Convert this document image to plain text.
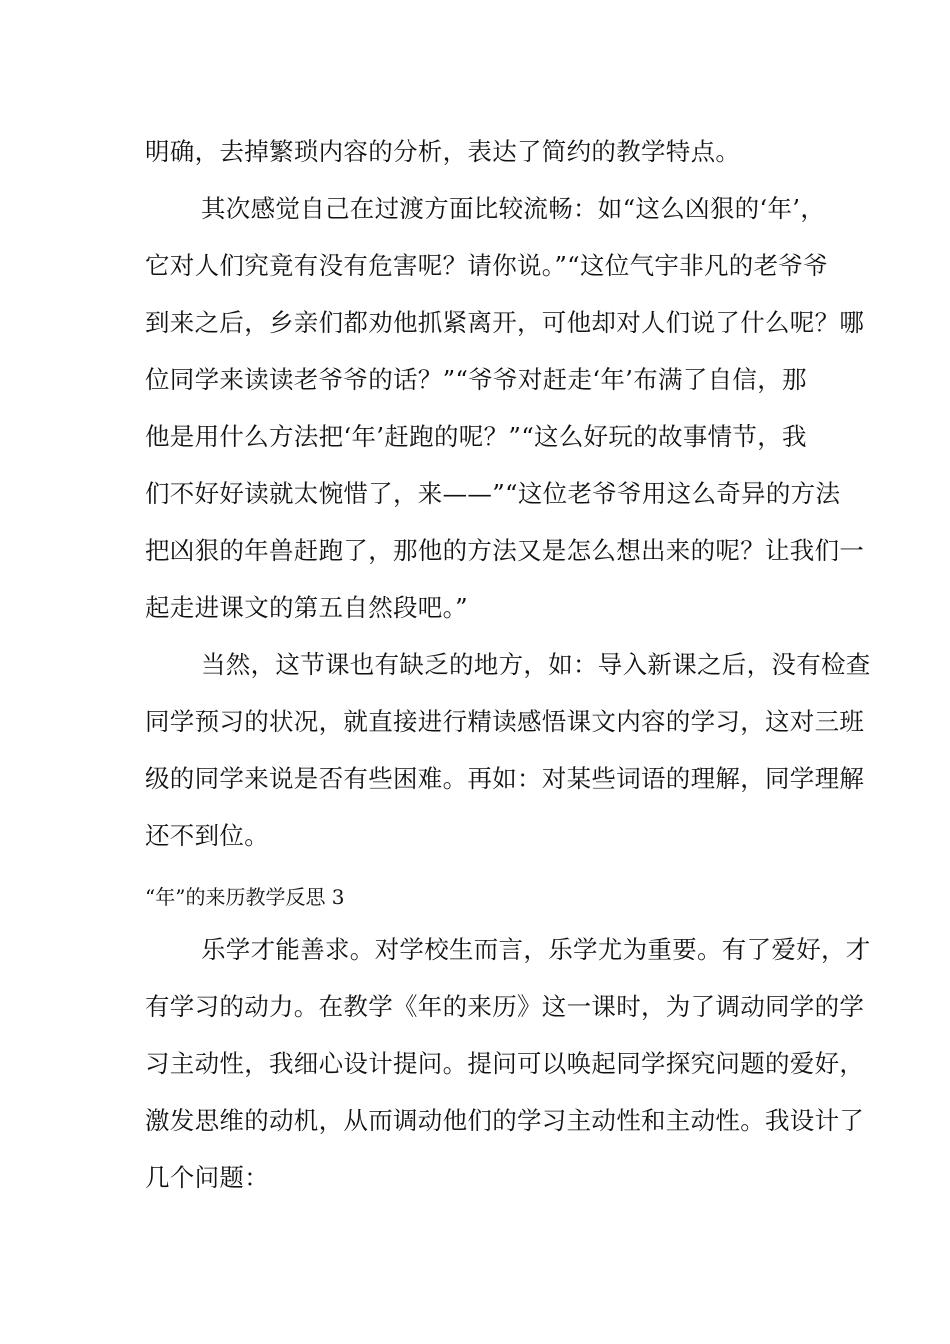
明确，去掉繁琐内容的分析，表达了简约的教学特点。
其次感觉自己在过渡方面比较流畅：如“这么凶狠的‘年’，
它对人们究竟有没有危害呢？请你说。”“这位气宇非凡的老爷爷
到来之后，乡亲们都劝他抓紧离开，可他却对人们说了什么呢？哪
位同学来读读老爷爷的话？”“爷爷对赶走‘年’布满了自信，那
他是用什么方法把‘年’赶跑的呢？”“这么好玩的故事情节，我
们不好好读就太惋惜了，来——”“这位老爷爷用这么奇异的方法
把凶狠的年兽赶跑了，那他的方法又是怎么想出来的呢？让我们一
起走进课文的第五自然段吧。”
当然，这节课也有缺乏的地方，如：导入新课之后，没有检查
同学预习的状况，就直接进行精读感悟课文内容的学习，这对三班
级的同学来说是否有些困难。再如：对某些词语的理解，同学理解
还不到位。
“年”的来历教学反思 3
乐学才能善求。对学校生而言，乐学尤为重要。有了爱好，才
有学习的动力。在教学《年的来历》这一课时，为了调动同学的学
习主动性，我细心设计提问。提问可以唤起同学探究问题的爱好，
激发思维的动机，从而调动他们的学习主动性和主动性。我设计了
几个问题：
